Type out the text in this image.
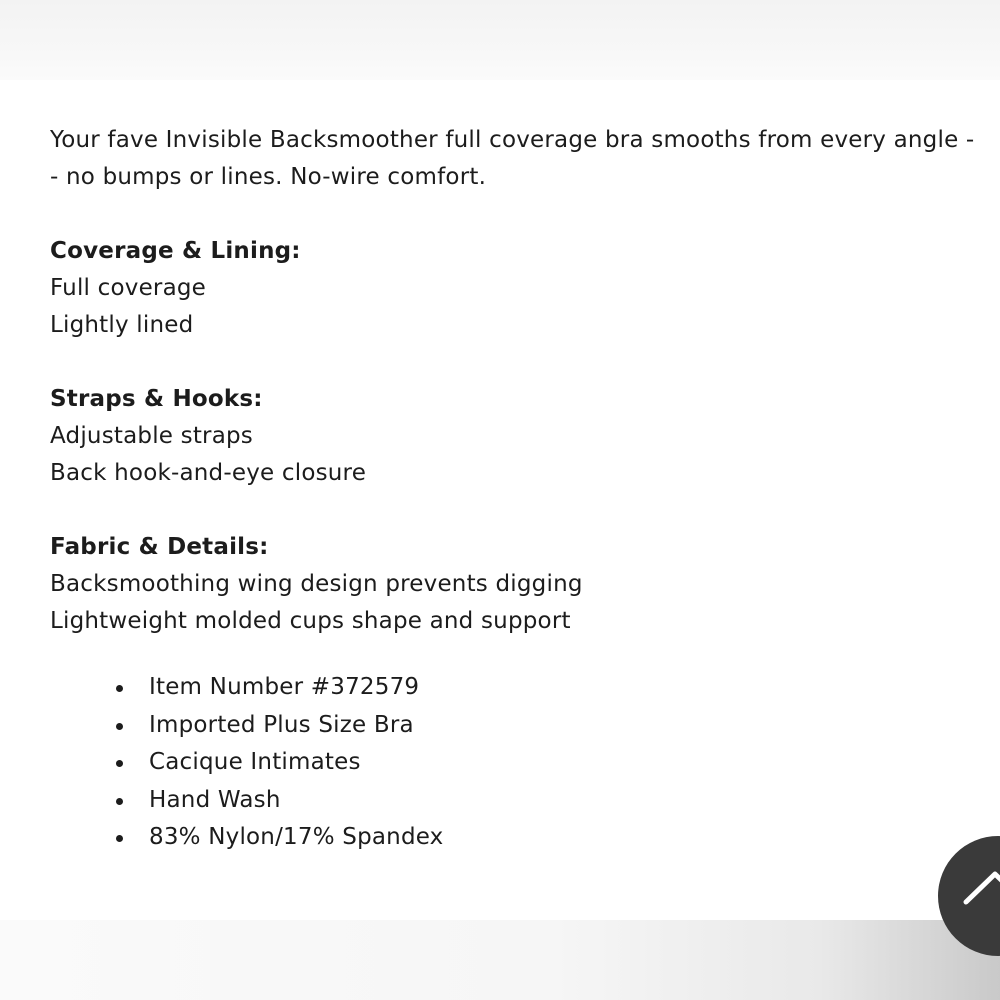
Your fave Invisible Backsmoother full coverage bra smooths from every angle -- no bumps or lines. No-wire comfort.

Coverage & Lining:
Full coverage
Lightly lined
Straps & Hooks:
Adjustable straps
Back hook-and-eye closure
Fabric & Details:
Backsmoothing wing design prevents digging
Lightweight molded cups shape and support
Item Number #372579
Imported Plus Size Bra
Cacique Intimates
Hand Wash
83% Nylon/17% Spandex
